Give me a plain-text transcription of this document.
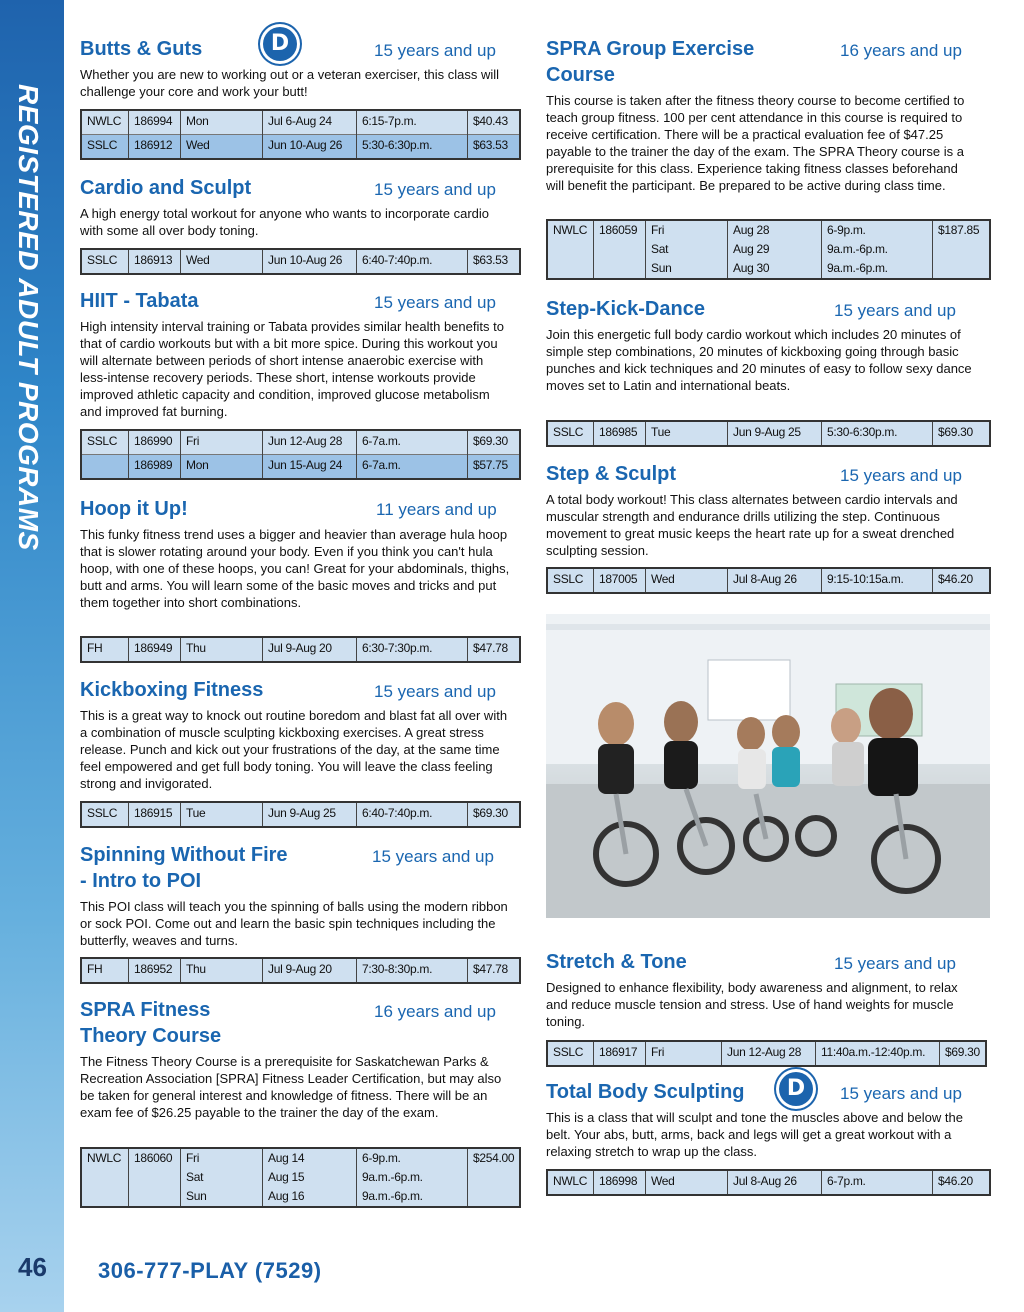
REGISTERED ADULT PROGRAMS
46 306-777-PLAY (7529)
Butts & Guts
Whether you are new to working out or a veteran exerciser, this class will challenge your core and work your butt!
D	15 years and up
NWLC	186994	Mon	Jul 6-Aug 24	6:15-7p.m.	$40.43
SSLC	186912	Wed	Jun 10-Aug 26	5:30-6:30p.m.	$63.53
Cardio and Sculpt
A high energy total workout for anyone who wants to incorporate cardio with some all over body toning.
15 years and up
SSLC	186913	Wed	Jun 10-Aug 26	6:40-7:40p.m.	$63.53
HIIT - Tabata
High intensity interval training or Tabata provides similar health benefits to that of cardio workouts but with a bit more spice. During this workout you will alternate between periods of short intense anaerobic exercise with less-intense recovery periods. These short, intense workouts provide improved athletic capacity and condition, improved glucose metabolism and improved fat burning.
15 years and up
SSLC	186990	Fri	Jun 12-Aug 28	6-7a.m.	$69.30
	186989	Mon	Jun 15-Aug 24	6-7a.m.	$57.75
Hoop it Up!
This funky fitness trend uses a bigger and heavier than average hula hoop that is slower rotating around your body. Even if you think you can't hula hoop, with one of these hoops, you can! Great for your abdominals, thighs, butt and arms. You will learn some of the basic moves and tricks and put them together into short combinations.
11 years and up
FH	186949	Thu	Jul 9-Aug 20	6:30-7:30p.m.	$47.78
Kickboxing Fitness
This is a great way to knock out routine boredom and blast fat all over with a combination of muscle sculpting kickboxing exercises. A great stress release. Punch and kick out your frustrations of the day, at the same time feel empowered and get full body toning. You will leave the class feeling strong and invigorated.
15 years and up
SSLC	186915	Tue	Jun 9-Aug 25	6:40-7:40p.m.	$69.30
Spinning Without Fire
- Intro to POI
This POI class will teach you the spinning of balls using the modern ribbon or sock POI. Come out and learn the basic spin techniques including the butterfly, weaves and turns.
15 years and up
FH	186952	Thu	Jul 9-Aug 20	7:30-8:30p.m.	$47.78
SPRA Fitness
Theory Course
The Fitness Theory Course is a prerequisite for Saskatchewan Parks & Recreation Association [SPRA] Fitness Leader Certification, but may also be taken for general interest and knowledge of fitness. There will be an exam fee of $26.25 payable to the trainer the day of the exam.
16 years and up
NWLC	186060	Fri	Aug 14	6-9p.m.	$254.00
		Sat	Aug 15	9a.m.-6p.m.	
		Sun	Aug 16	9a.m.-6p.m.	
SPRA Group Exercise
Course
This course is taken after the fitness theory course to become certified to teach group fitness. 100 per cent attendance in this course is required to receive certification. There will be a practical evaluation fee of $47.25 payable to the trainer the day of the exam. The SPRA Theory course is a prerequisite for this class. Experience taking fitness classes beforehand will benefit the participant. Be prepared to be active during class time.
16 years and up
NWLC	186059	Fri	Aug 28	6-9p.m.	$187.85
		Sat	Aug 29	9a.m.-6p.m.	
		Sun	Aug 30	9a.m.-6p.m.	
Step-Kick-Dance
Join this energetic full body cardio workout which includes 20 minutes of simple step combinations, 20 minutes of kickboxing going through basic punches and kick techniques and 20 minutes of easy to follow sexy dance moves set to Latin and international beats.
15 years and up
SSLC	186985	Tue	Jun 9-Aug 25	5:30-6:30p.m.	$69.30
Step & Sculpt
A total body workout! This class alternates between cardio intervals and muscular strength and endurance drills utilizing the step. Continuous movement to great music keeps the heart rate up for a sweat drenched sculpting session.
15 years and up
SSLC	187005	Wed	Jul 8-Aug 26	9:15-10:15a.m.	$46.20
Stretch & Tone
Designed to enhance flexibility, body awareness and alignment, to relax and reduce muscle tension and stress. Use of hand weights for muscle toning.
15 years and up
SSLC	186917	Fri	Jun 12-Aug 28	11:40a.m.-12:40p.m.	$69.30
Total Body Sculpting
This is a class that will sculpt and tone the muscles above and below the belt. Your abs, butt, arms, back and legs will get a great workout with a relaxing stretch to wrap up the class.
D	15 years and up
NWLC	186998	Wed	Jul 8-Aug 26	6-7p.m.	$46.20
